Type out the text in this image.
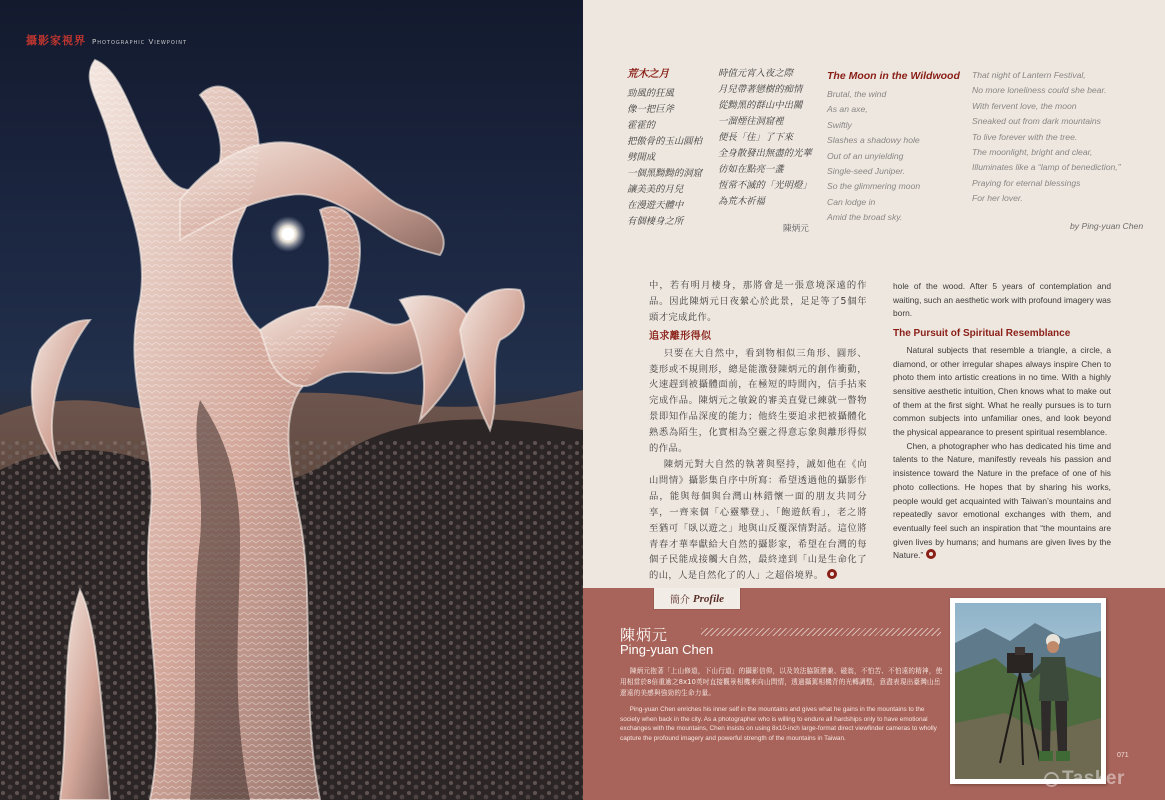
攝影家視界 Photographic Viewpoint
荒木之月
勁風的狂風
像一把巨斧
霍霍的
把傲骨的玉山圓柏
劈開成
一個黑黝黝的洞窟
讓美美的月兒
在漫遊天體中
有個棲身之所
時值元宵入夜之際
月兒帶著戀樹的痴情
從黝黑的群山中出關
一溜煙往洞窟裡
便長「住」了下來
全身散發出無盡的光華
彷如在點亮一盞
恆常不滅的「光明燈」
為荒木祈福
陳炳元
The Moon in the Wildwood
Brutal, the wind
As an axe,
Swiftly
Slashes a shadowy hole
Out of an unyielding
Single-seed Juniper.
So the glimmering moon
Can lodge in
Amid the broad sky.
That night of Lantern Festival,
No more loneliness could she bear.
With fervent love, the moon
Sneaked out from dark mountains
To live forever with the tree.
The moonlight, bright and clear,
Illuminates like a “lamp of benediction,”
Praying for eternal blessings
For her lover.
by Ping-yuan Chen

中，若有明月棲身，那將會是一張意境深遠的作品。因此陳炳元日夜縈心於此景，足足等了5個年頭才完成此作。

追求離形得似

只要在大自然中，看到物相似三角形、圓形、菱形或不規則形，總是能激發陳炳元的創作衝動，火速趕到被攝體面前，在極短的時間內，信手拈來完成作品。陳炳元之敏銳的審美直覺已練就一瞥物景即知作品深度的能力；他終生要追求把被攝體化熟悉為陌生，化實相為空靈之得意忘象與離形得似的作品。

陳炳元對大自然的執著與堅持，誠如他在《向山問情》攝影集自序中所寫：希望透過他的攝影作品，能與每個與台灣山林錯懷一面的朋友共同分享，一齊來個「心靈攀登」、「飽遊飫看」，老之將至猶可「臥以遊之」地與山反覆深情對話。這位將青春才華奉獻給大自然的攝影家，希望在台灣的每個子民能成接觸大自然，最終達到「山是生命化了的山，人是自然化了的人」之超俗境界。

hole of the wood. After 5 years of contemplation and waiting, such an aesthetic work with profound imagery was born.

The Pursuit of Spiritual Resemblance

Natural subjects that resemble a triangle, a circle, a diamond, or other irregular shapes always inspire Chen to photo them into artistic creations in no time. With a highly sensitive aesthetic intuition, Chen knows what to make out of them at the first sight. What he really pursues is to turn common subjects into unfamiliar ones, and look beyond the physical appearance to present spiritual resemblance.

Chen, a photographer who has dedicated his time and talents to the Nature, manifestly reveals his passion and insistence toward the Nature in the preface of one of his photo collections. He hopes that by sharing his works, people would get acquainted with Taiwan’s mountains and repeatedly savor emotional exchanges with them, and eventually feel such an inspiration that “the mountains are given lives by humans; and humans are given lives by the Nature.”

簡介 Profile
陳炳元
Ping-yuan Chen
陳炳元抱著「上山修道，下山行道」的攝影信仰，以及效法脇阪勝兼、磁翁，不怕苦、不怕遠的精神，使用相當於8倍重逾之8x10英吋直接觀景相機來向山問情，透過攝駕相機背的光轉調整，意盡表現出臺灣山岳遼遠的美感與強勁的生命力量。
Ping-yuan Chen enriches his inner self in the mountains and gives what he gains in the mountains to the society when back in the city. As a photographer who is willing to endure all hardships only to have emotional exchanges with the mountains, Chen insists on using 8x10-inch large-format direct viewfinder cameras to wholly capture the profound imagery and powerful strength of the mountains in Taiwan.
071
Tasker
